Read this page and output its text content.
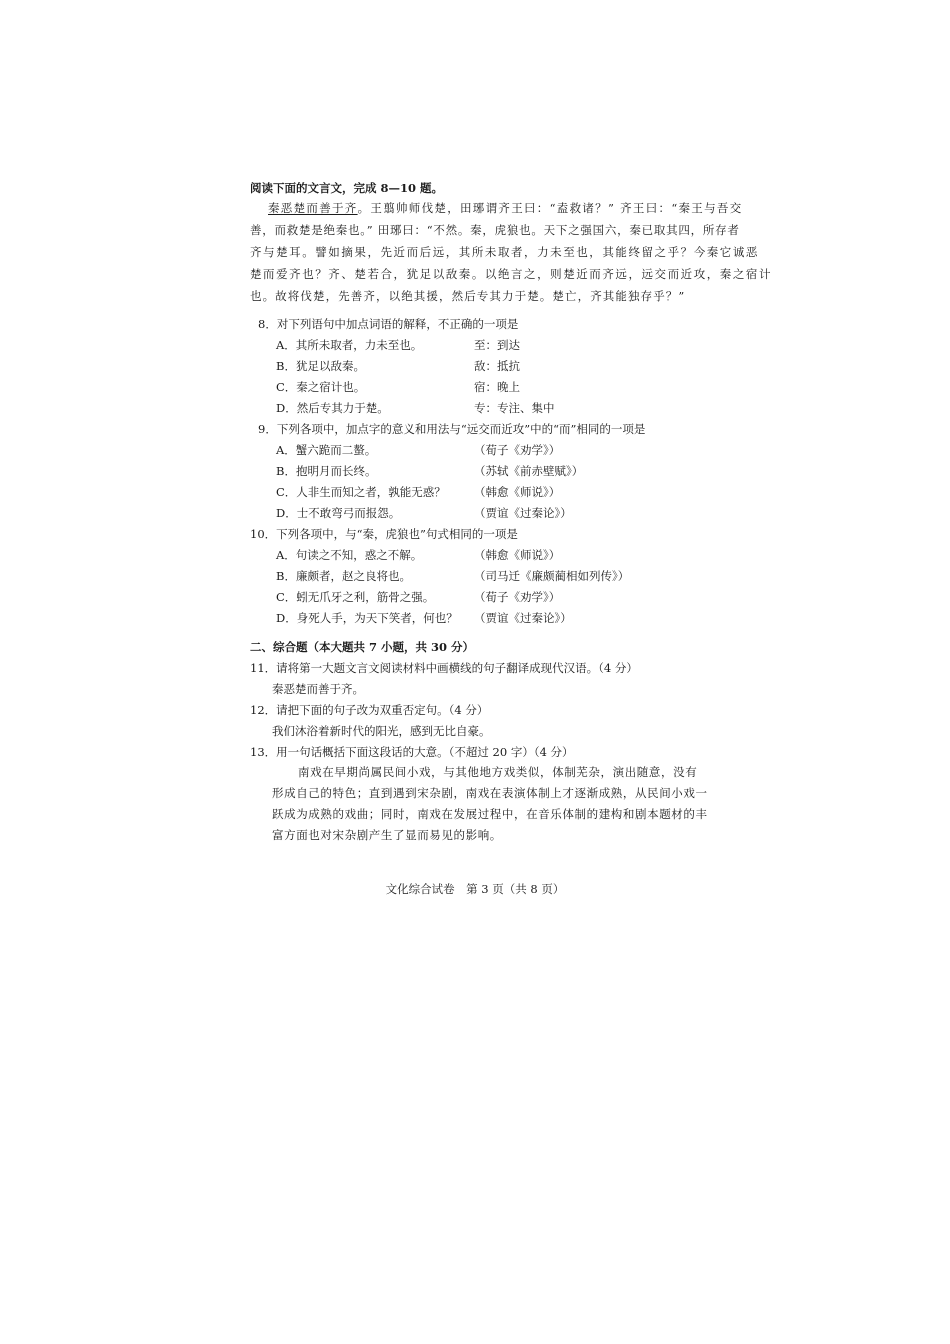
阅读下面的文言文，完成 8—10 题。
秦恶楚而善于齐。王翦帅师伐楚，田琊谓齐王曰：“盍救诸？” 齐王曰：“秦王与吾交
善，而救楚是绝秦也。” 田琊曰：“不然。秦，虎狼也。天下之强国六，秦已取其四，所存者
齐与楚耳。譬如摘果，先近而后远，其所未取者，力未至也，其能终留之乎？今秦它诚恶
楚而爱齐也？齐、楚若合，犹足以敌秦。以绝言之，则楚近而齐远，远交而近攻，秦之宿计
也。故将伐楚，先善齐，以绝其援，然后专其力于楚。楚亡，齐其能独存乎？”
8．对下列语句中加点词语的解释，不正确的一项是
A．其所未取者，力未至也。	至：到达
B．犹足以敌秦。	敌：抵抗
C．秦之宿计也。	宿：晚上
D．然后专其力于楚。	专：专注、集中
9．下列各项中，加点字的意义和用法与“远交而近攻”中的“而”相同的一项是
A．蟹六跪而二螯。	（荀子《劝学》）
B．抱明月而长终。	（苏轼《前赤壁赋》）
C．人非生而知之者，孰能无惑？ （韩愈《师说》）
D．士不敢弯弓而报怨。	（贾谊《过秦论》）
10．下列各项中，与“秦，虎狼也”句式相同的一项是
A．句读之不知，惑之不解。	（韩愈《师说》）
B．廉颇者，赵之良将也。	（司马迁《廉颇蔺相如列传》）
C．蚓无爪牙之利，筋骨之强。	（荀子《劝学》）
D．身死人手，为天下笑者，何也？ （贾谊《过秦论》）
二、综合题（本大题共 7 小题，共 30 分）
11．请将第一大题文言文阅读材料中画横线的句子翻译成现代汉语。（4 分）
秦恶楚而善于齐。
12．请把下面的句子改为双重否定句。（4 分）
我们沐浴着新时代的阳光，感到无比自豪。
13．用一句话概括下面这段话的大意。（不超过 20 字）（4 分）
南戏在早期尚属民间小戏，与其他地方戏类似，体制芜杂，演出随意，没有形成自己的特色；直到遇到宋杂剧，南戏在表演体制上才逐渐成熟，从民间小戏一跃成为成熟的戏曲；同时，南戏在发展过程中，在音乐体制的建构和剧本题材的丰富方面也对宋杂剧产生了显而易见的影响。
文化综合试卷　第 3 页（共 8 页）
